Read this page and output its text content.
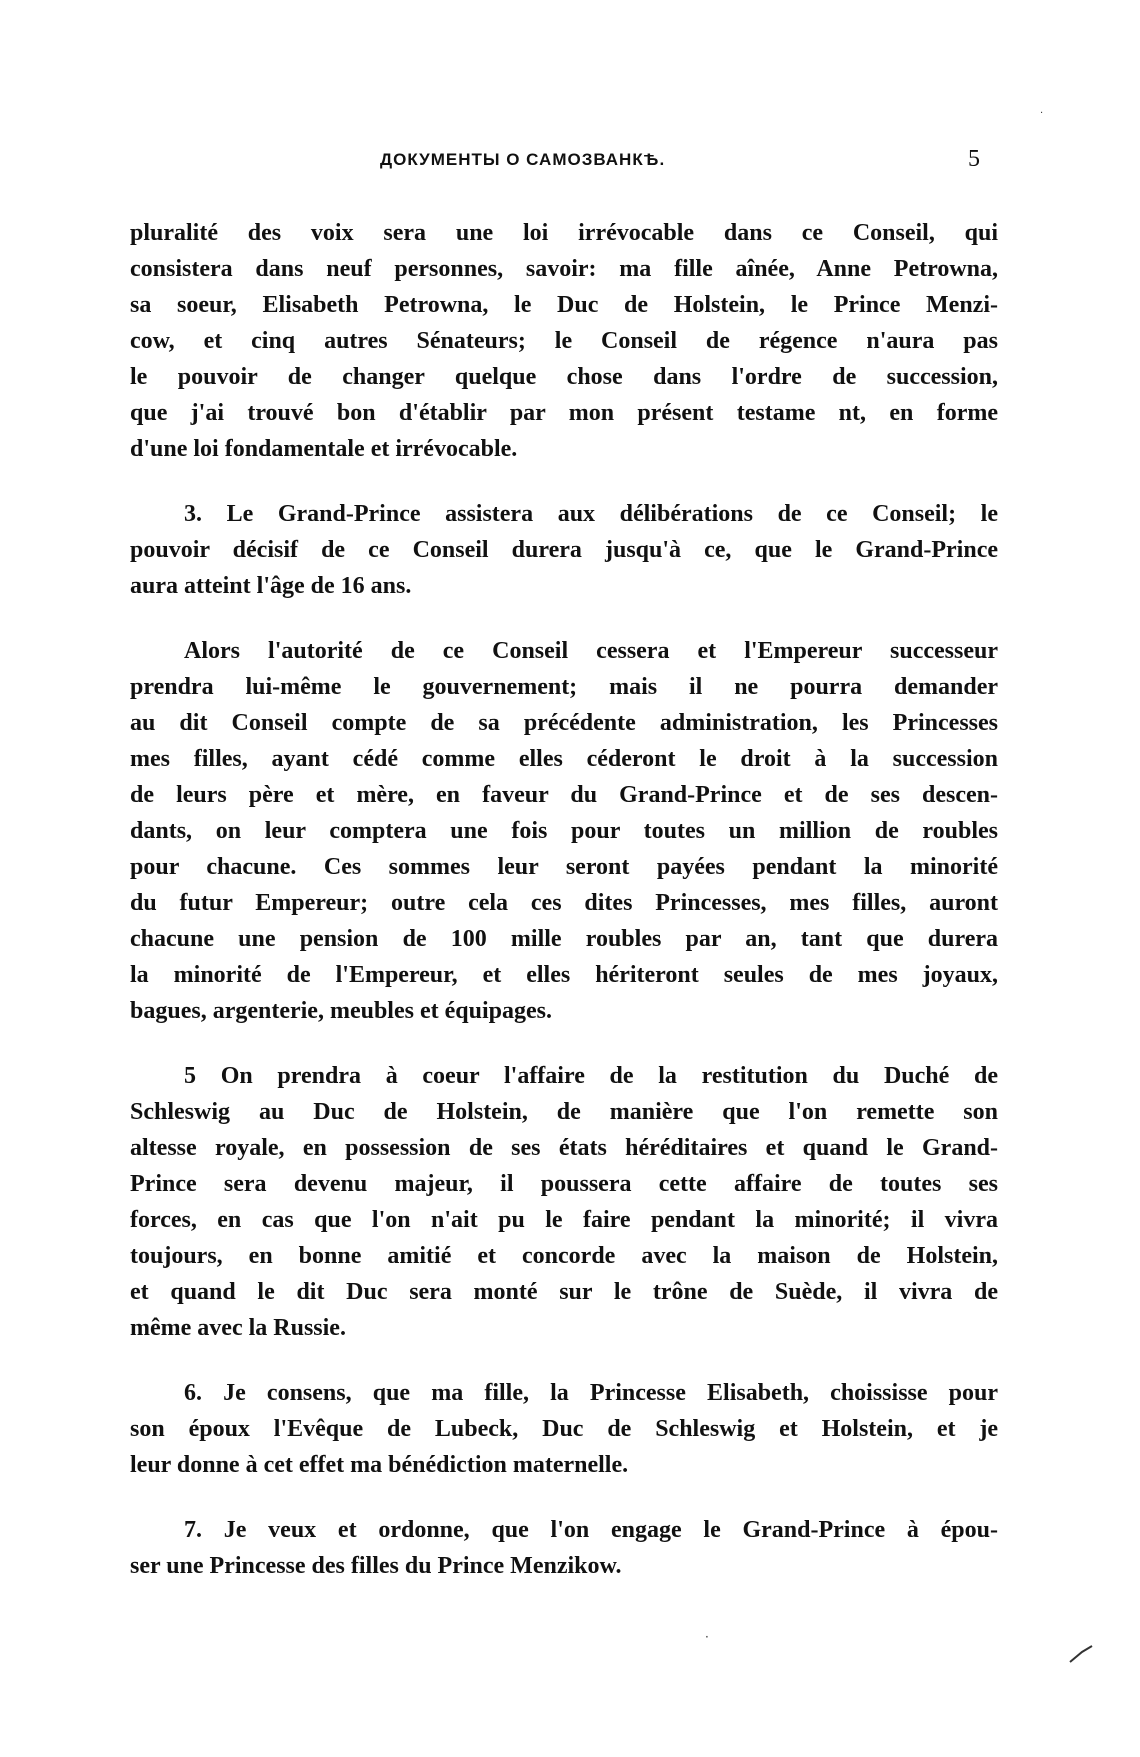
ДОКУМЕНТЫ О САМОЗВАНКѢ.	5
pluralité des voix sera une loi irrévocable dans ce Conseil, qui
consistera dans neuf personnes, savoir: ma fille aînée, Anne Petrowna,
sa soeur, Elisabeth Petrowna, le Duc de Holstein, le Prince Menzi-
cow, et cinq autres Sénateurs; le Conseil de régence n'aura pas
le pouvoir de changer quelque chose dans l'ordre de succession,
que j'ai trouvé bon d'établir par mon présent testame nt, en forme
d'une loi fondamentale et irrévocable.
3. Le Grand-Prince assistera aux délibérations de ce Conseil; le
pouvoir décisif de ce Conseil durera jusqu'à ce, que le Grand-Prince
aura atteint l'âge de 16 ans.
Alors l'autorité de ce Conseil cessera et l'Empereur successeur
prendra lui-même le gouvernement; mais il ne pourra demander
au dit Conseil compte de sa précédente administration, les Princesses
mes filles, ayant cédé comme elles céderont le droit à la succession
de leurs père et mère, en faveur du Grand-Prince et de ses descen-
dants, on leur comptera une fois pour toutes un million de roubles
pour chacune. Ces sommes leur seront payées pendant la minorité
du futur Empereur; outre cela ces dites Princesses, mes filles, auront
chacune une pension de 100 mille roubles par an, tant que durera
la minorité de l'Empereur, et elles hériteront seules de mes joyaux,
bagues, argenterie, meubles et équipages.
5 On prendra à coeur l'affaire de la restitution du Duché de
Schleswig au Duc de Holstein, de manière que l'on remette son
altesse royale, en possession de ses états héréditaires et quand le Grand-
Prince sera devenu majeur, il poussera cette affaire de toutes ses
forces, en cas que l'on n'ait pu le faire pendant la minorité; il vivra
toujours, en bonne amitié et concorde avec la maison de Holstein,
et quand le dit Duc sera monté sur le trône de Suède, il vivra de
même avec la Russie.
6. Je consens, que ma fille, la Princesse Elisabeth, choississe pour
son époux l'Evêque de Lubeck, Duc de Schleswig et Holstein, et je
leur donne à cet effet ma bénédiction maternelle.
7. Je veux et ordonne, que l'on engage le Grand-Prince à épou-
ser une Princesse des filles du Prince Menzikow.
·
·
